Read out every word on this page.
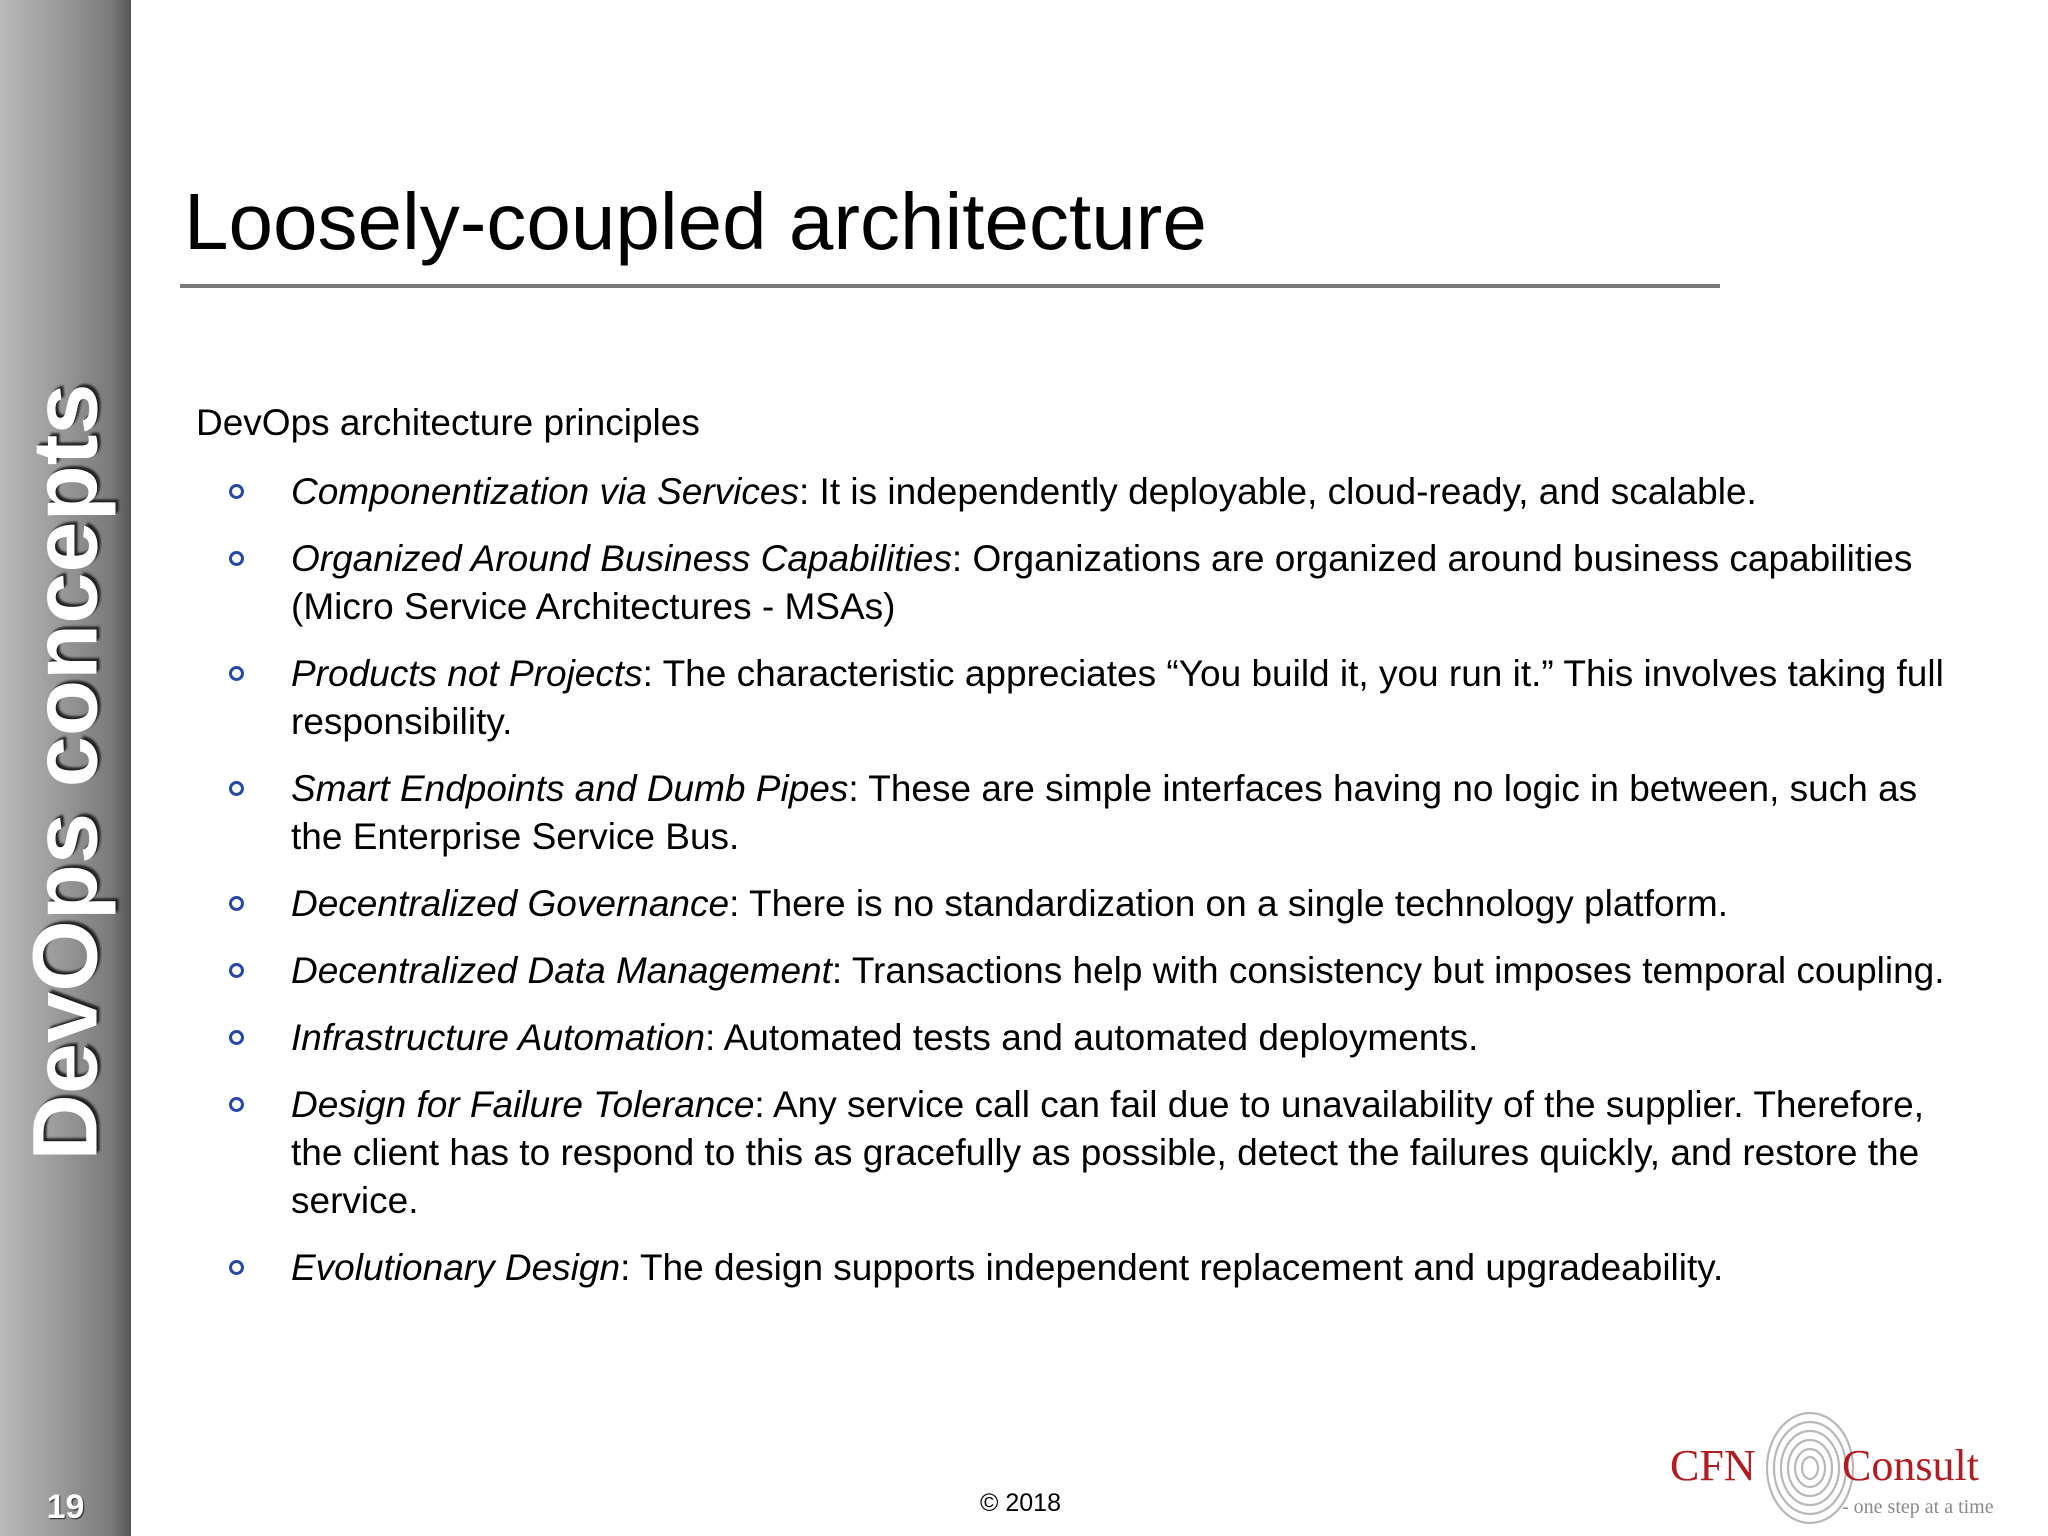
DevOps concepts
19
Loosely-coupled architecture
DevOps architecture principles
Componentization via Services: It is independently deployable, cloud-ready, and scalable.
Organized Around Business Capabilities: Organizations are organized around business capabilities (Micro Service Architectures - MSAs)
Products not Projects: The characteristic appreciates “You build it, you run it.” This involves taking full responsibility.
Smart Endpoints and Dumb Pipes: These are simple interfaces having no logic in between, such as the Enterprise Service Bus.
Decentralized Governance: There is no standardization on a single technology platform.
Decentralized Data Management: Transactions help with consistency but imposes temporal coupling.
Infrastructure Automation: Automated tests and automated deployments.
Design for Failure Tolerance: Any service call can fail due to unavailability of the supplier. Therefore, the client has to respond to this as gracefully as possible, detect the failures quickly, and restore the service.
Evolutionary Design: The design supports independent replacement and upgradeability.
© 2018
CFN Consult
- one step at a time
